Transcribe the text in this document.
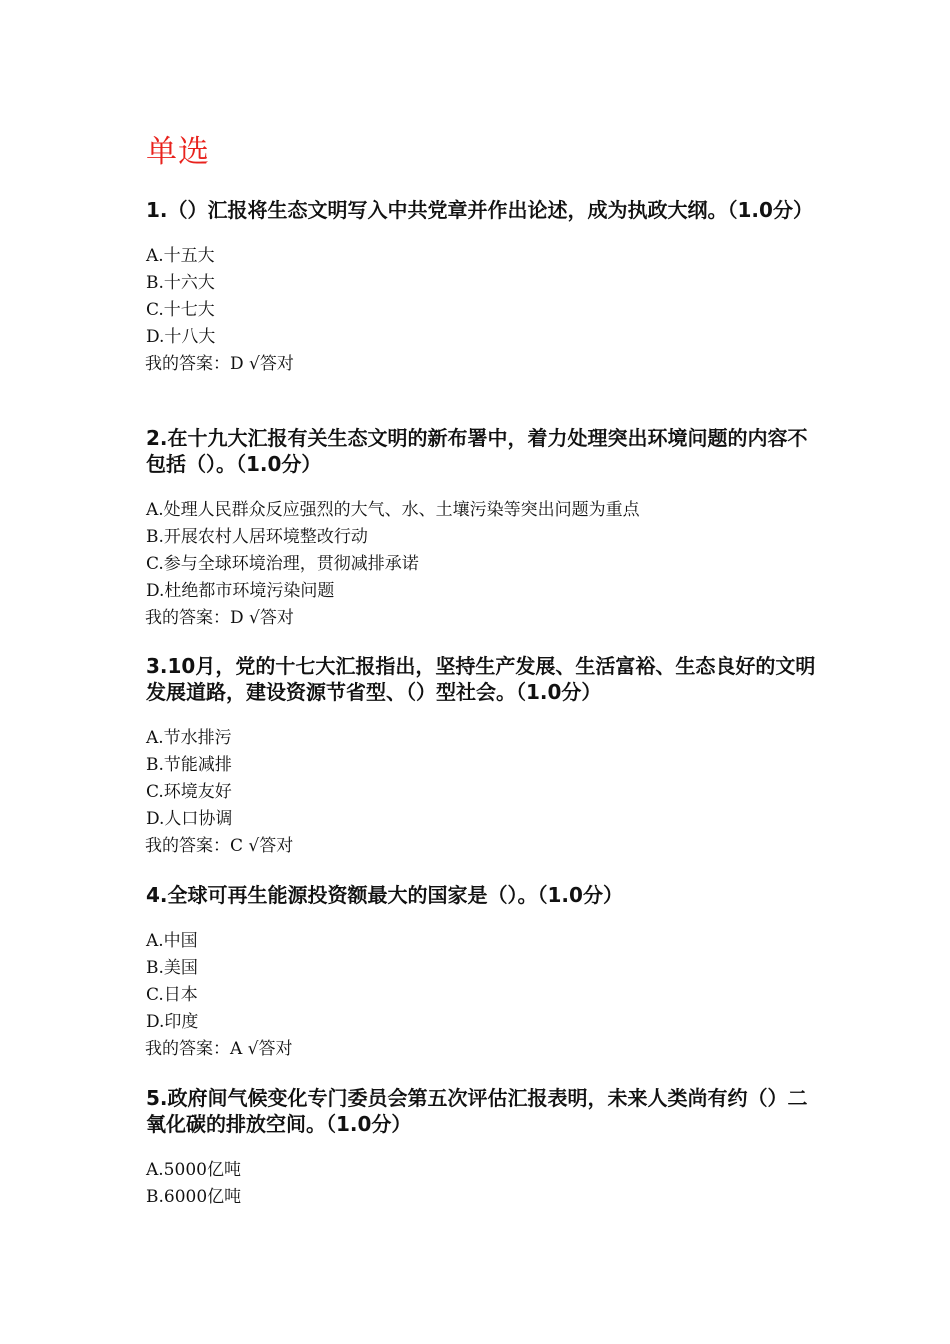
单选

1.（）汇报将生态文明写入中共党章并作出论述，成为执政大纲。（1.0分）

A.十五大
B.十六大
C.十七大
D.十八大
我的答案：D √答对

2.在十九大汇报有关生态文明的新布署中，着力处理突出环境问题的内容不包括（）。（1.0分）

A.处理人民群众反应强烈的大气、水、土壤污染等突出问题为重点
B.开展农村人居环境整改行动
C.参与全球环境治理，贯彻减排承诺
D.杜绝都市环境污染问题
我的答案：D √答对

3.10月，党的十七大汇报指出，坚持生产发展、生活富裕、生态良好的文明发展道路，建设资源节省型、（）型社会。（1.0分）

A.节水排污
B.节能减排
C.环境友好
D.人口协调
我的答案：C √答对

4.全球可再生能源投资额最大的国家是（）。（1.0分）

A.中国
B.美国
C.日本
D.印度
我的答案：A √答对

5.政府间气候变化专门委员会第五次评估汇报表明，未来人类尚有约（）二氧化碳的排放空间。（1.0分）

A.5000亿吨
B.6000亿吨
